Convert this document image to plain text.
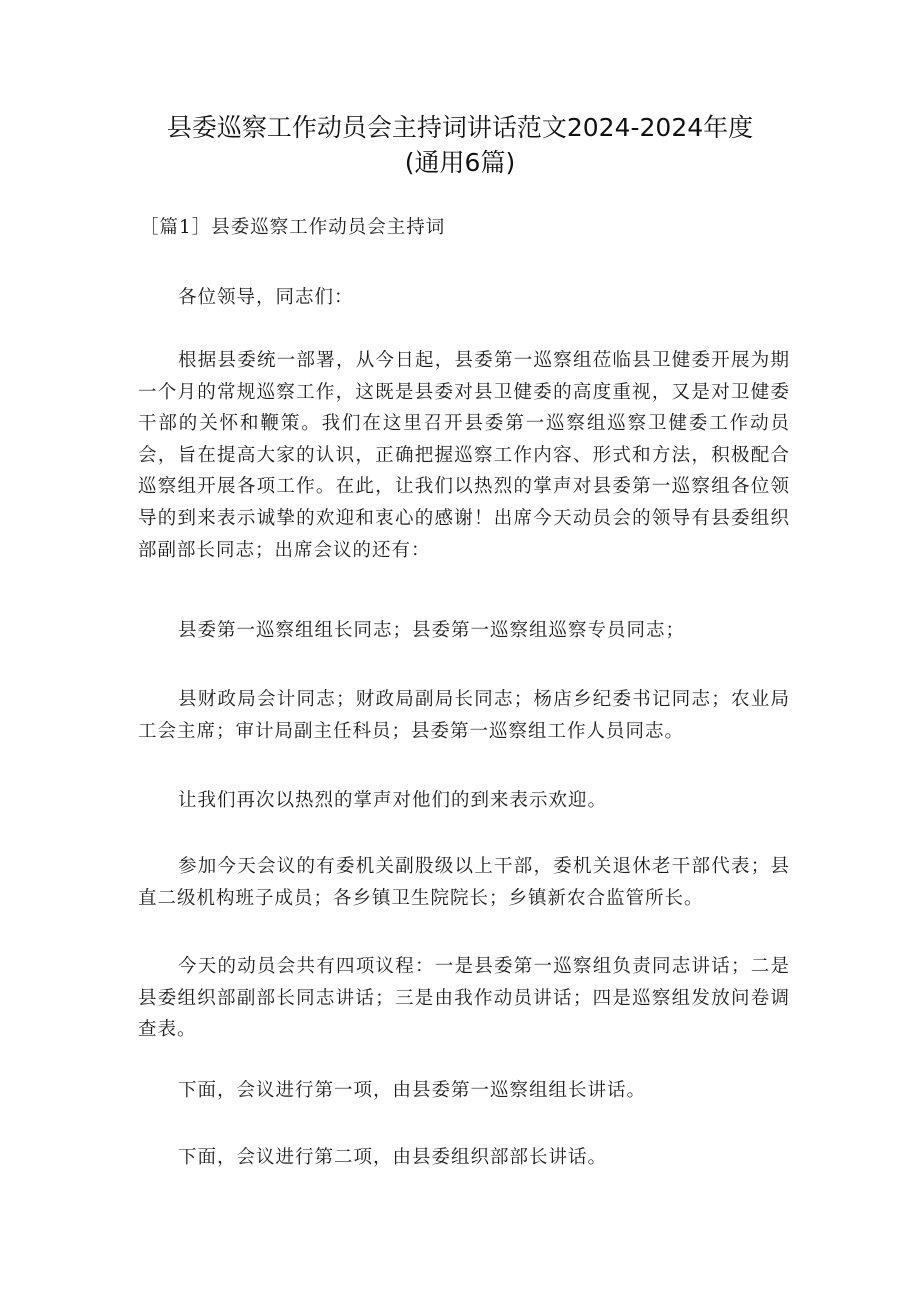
县委巡察工作动员会主持词讲话范文2024-2024年度
(通用6篇)
［篇1］县委巡察工作动员会主持词
各位领导，同志们：
根据县委统一部署，从今日起，县委第一巡察组莅临县卫健委开展为期一个月的常规巡察工作，这既是县委对县卫健委的高度重视，又是对卫健委干部的关怀和鞭策。我们在这里召开县委第一巡察组巡察卫健委工作动员会，旨在提高大家的认识，正确把握巡察工作内容、形式和方法，积极配合巡察组开展各项工作。在此，让我们以热烈的掌声对县委第一巡察组各位领导的到来表示诚挚的欢迎和衷心的感谢！出席今天动员会的领导有县委组织部副部长同志；出席会议的还有：
县委第一巡察组组长同志；县委第一巡察组巡察专员同志；
县财政局会计同志；财政局副局长同志；杨店乡纪委书记同志；农业局工会主席；审计局副主任科员；县委第一巡察组工作人员同志。
让我们再次以热烈的掌声对他们的到来表示欢迎。
参加今天会议的有委机关副股级以上干部，委机关退休老干部代表；县直二级机构班子成员；各乡镇卫生院院长；乡镇新农合监管所长。
今天的动员会共有四项议程：一是县委第一巡察组负责同志讲话；二是县委组织部副部长同志讲话；三是由我作动员讲话；四是巡察组发放问卷调查表。
下面，会议进行第一项，由县委第一巡察组组长讲话。
下面，会议进行第二项，由县委组织部部长讲话。
